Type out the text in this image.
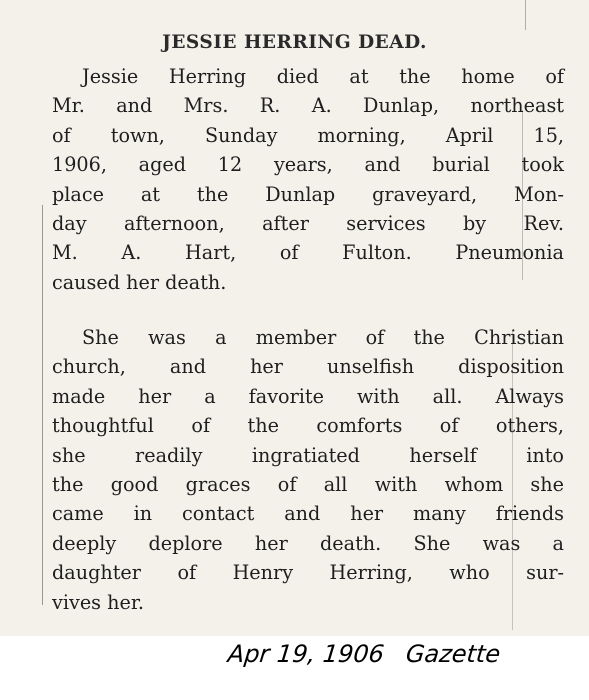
JESSIE HERRING DEAD.
Jessie Herring died at the home of
Mr. and Mrs. R. A. Dunlap, northeast
of town, Sunday morning, April 15,
1906, aged 12 years, and burial took
place at the Dunlap graveyard, Mon-
day afternoon, after services by Rev.
M. A. Hart, of Fulton. Pneumonia
caused her death.
She was a member of the Christian
church, and her unselfish disposition
made her a favorite with all. Always
thoughtful of the comforts of others,
she readily ingratiated herself into
the good graces of all with whom she
came in contact and her many friends
deeply deplore her death. She was a
daughter of Henry Herring, who sur-
vives her.
Apr 19, 1906 Gazette
